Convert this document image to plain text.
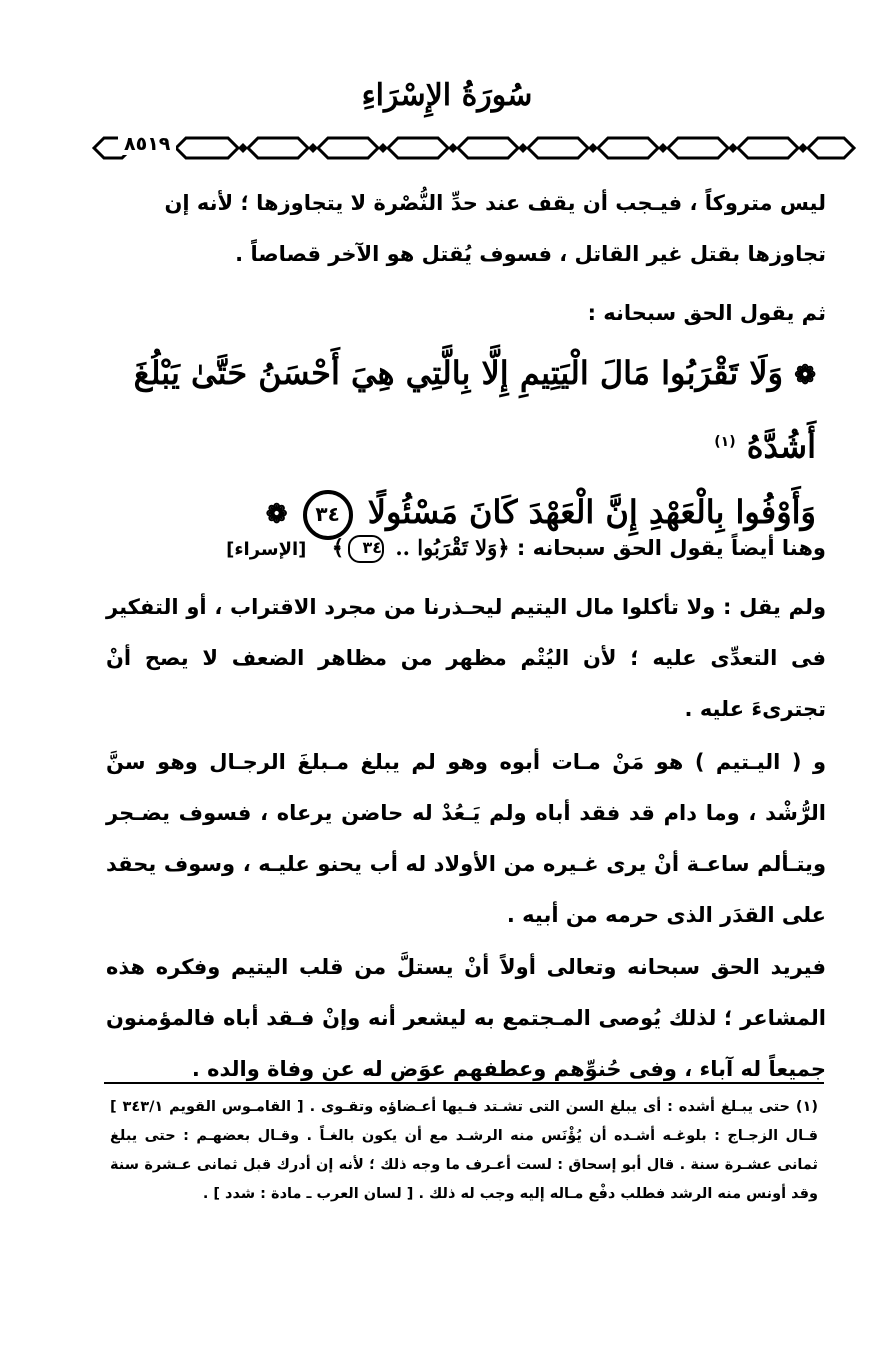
سُورَةُ الإِسْرَاءِ
٨٥١٩
ليس متروكاً ، فيـجب أن يقف عند حدِّ النُّصْرة لا يتجاوزها ؛ لأنه إن
تجاوزها بقتل غير القاتل ، فسوف يُقتل هو الآخر قصاصاً .
ثم يقول الحق سبحانه :
❁ وَلَا تَقْرَبُوا مَالَ الْيَتِيمِ إِلَّا بِالَّتِي هِيَ أَحْسَنُ حَتَّىٰ يَبْلُغَ أَشُدَّهُ $^{(١)}$
وَأَوْفُوا بِالْعَهْدِ إِنَّ الْعَهْدَ كَانَ مَسْئُولًا ٣٤ ❁
وهنا أيضاً يقول الحق سبحانه : ﴿وَلا تَقْرَبُوا .. ٣٤﴾ [الإسراء]
ولم يقل : ولا تأكلوا مال اليتيم ليحـذرنا من مجرد الاقتراب ، أو التفكير فى التعدِّى عليه ؛ لأن اليُتْم مظهر من مظاهر الضعف لا يصح أنْ تجترىءَ عليه .
و ( اليـتيم ) هو مَنْ مـات أبوه وهو لم يبلغ مـبلغَ الرجـال وهو سنَّ الرُّشْد ، وما دام قد فقد أباه ولم يَـعُدْ له حاضن يرعاه ، فسوف يضـجر ويتـألم ساعـة أنْ يرى غـيره من الأولاد له أب يحنو عليـه ، وسوف يحقد على القدَر الذى حرمه من أبيه .
فيريد الحق سبحانه وتعالى أولاً أنْ يستلَّ من قلب اليتيم وفكره هذه المشاعر ؛ لذلك يُوصى المـجتمع به ليشعر أنه وإنْ فـقد أباه فالمؤمنون جميعاً له آباء ، وفى حُنوِّهم وعطفهم عوَض له عن وفاة والده .
(١) حتى يبـلغ أشده : أى يبلغ السن التى تشـتد فـيها أعـضاؤه وتقـوى . [ القامـوس القويم ٣٤٣/١ ] قـال الزجـاج : بلوغـه أشـده أن يُؤْنَس منه الرشـد مع أن يكون بالغـاً . وقـال بعضهـم : حتى يبلغ ثمانى عشـرة سنة . قال أبو إسحاق : لست أعـرف ما وجه ذلك ؛ لأنه إن أدرك قبل ثمانى عـشرة سنة وقد أونس منه الرشد فطلب دفْع مـاله إليه وجب له ذلك . [ لسان العرب ـ مادة : شدد ] .
